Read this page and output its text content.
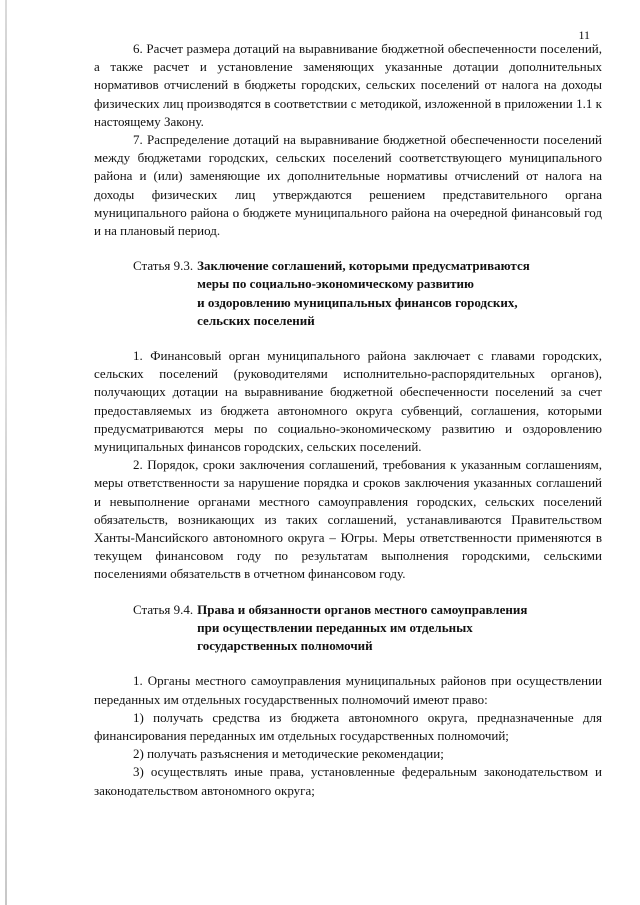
11

6. Расчет размера дотаций на выравнивание бюджетной обеспеченности поселений, а также расчет и установление заменяющих указанные дотации дополнительных нормативов отчислений в бюджеты городских, сельских поселений от налога на доходы физических лиц производятся в соответствии с методикой, изложенной в приложении 1.1 к настоящему Закону.

7. Распределение дотаций на выравнивание бюджетной обеспеченности поселений между бюджетами городских, сельских поселений соответствующего муниципального района и (или) заменяющие их дополнительные нормативы отчислений от налога на доходы физических лиц утверждаются решением представительного органа муниципального района о бюджете муниципального района на очередной финансовый год и на плановый период.

Статья 9.3. Заключение соглашений, которыми предусматриваются
меры по социально-экономическому развитию
и оздоровлению муниципальных финансов городских,
сельских поселений

1. Финансовый орган муниципального района заключает с главами городских, сельских поселений (руководителями исполнительно-распорядительных органов), получающих дотации на выравнивание бюджетной обеспеченности поселений за счет предоставляемых из бюджета автономного округа субвенций, соглашения, которыми предусматриваются меры по социально-экономическому развитию и оздоровлению муниципальных финансов городских, сельских поселений.

2. Порядок, сроки заключения соглашений, требования к указанным соглашениям, меры ответственности за нарушение порядка и сроков заключения указанных соглашений и невыполнение органами местного самоуправления городских, сельских поселений обязательств, возникающих из таких соглашений, устанавливаются Правительством Ханты-Мансийского автономного округа – Югры. Меры ответственности применяются в текущем финансовом году по результатам выполнения городскими, сельскими поселениями обязательств в отчетном финансовом году.

Статья 9.4. Права и обязанности органов местного самоуправления
при осуществлении переданных им отдельных
государственных полномочий

1. Органы местного самоуправления муниципальных районов при осуществлении переданных им отдельных государственных полномочий имеют право:

1) получать средства из бюджета автономного округа, предназначенные для финансирования переданных им отдельных государственных полномочий;

2) получать разъяснения и методические рекомендации;

3) осуществлять иные права, установленные федеральным законодательством и законодательством автономного округа;
